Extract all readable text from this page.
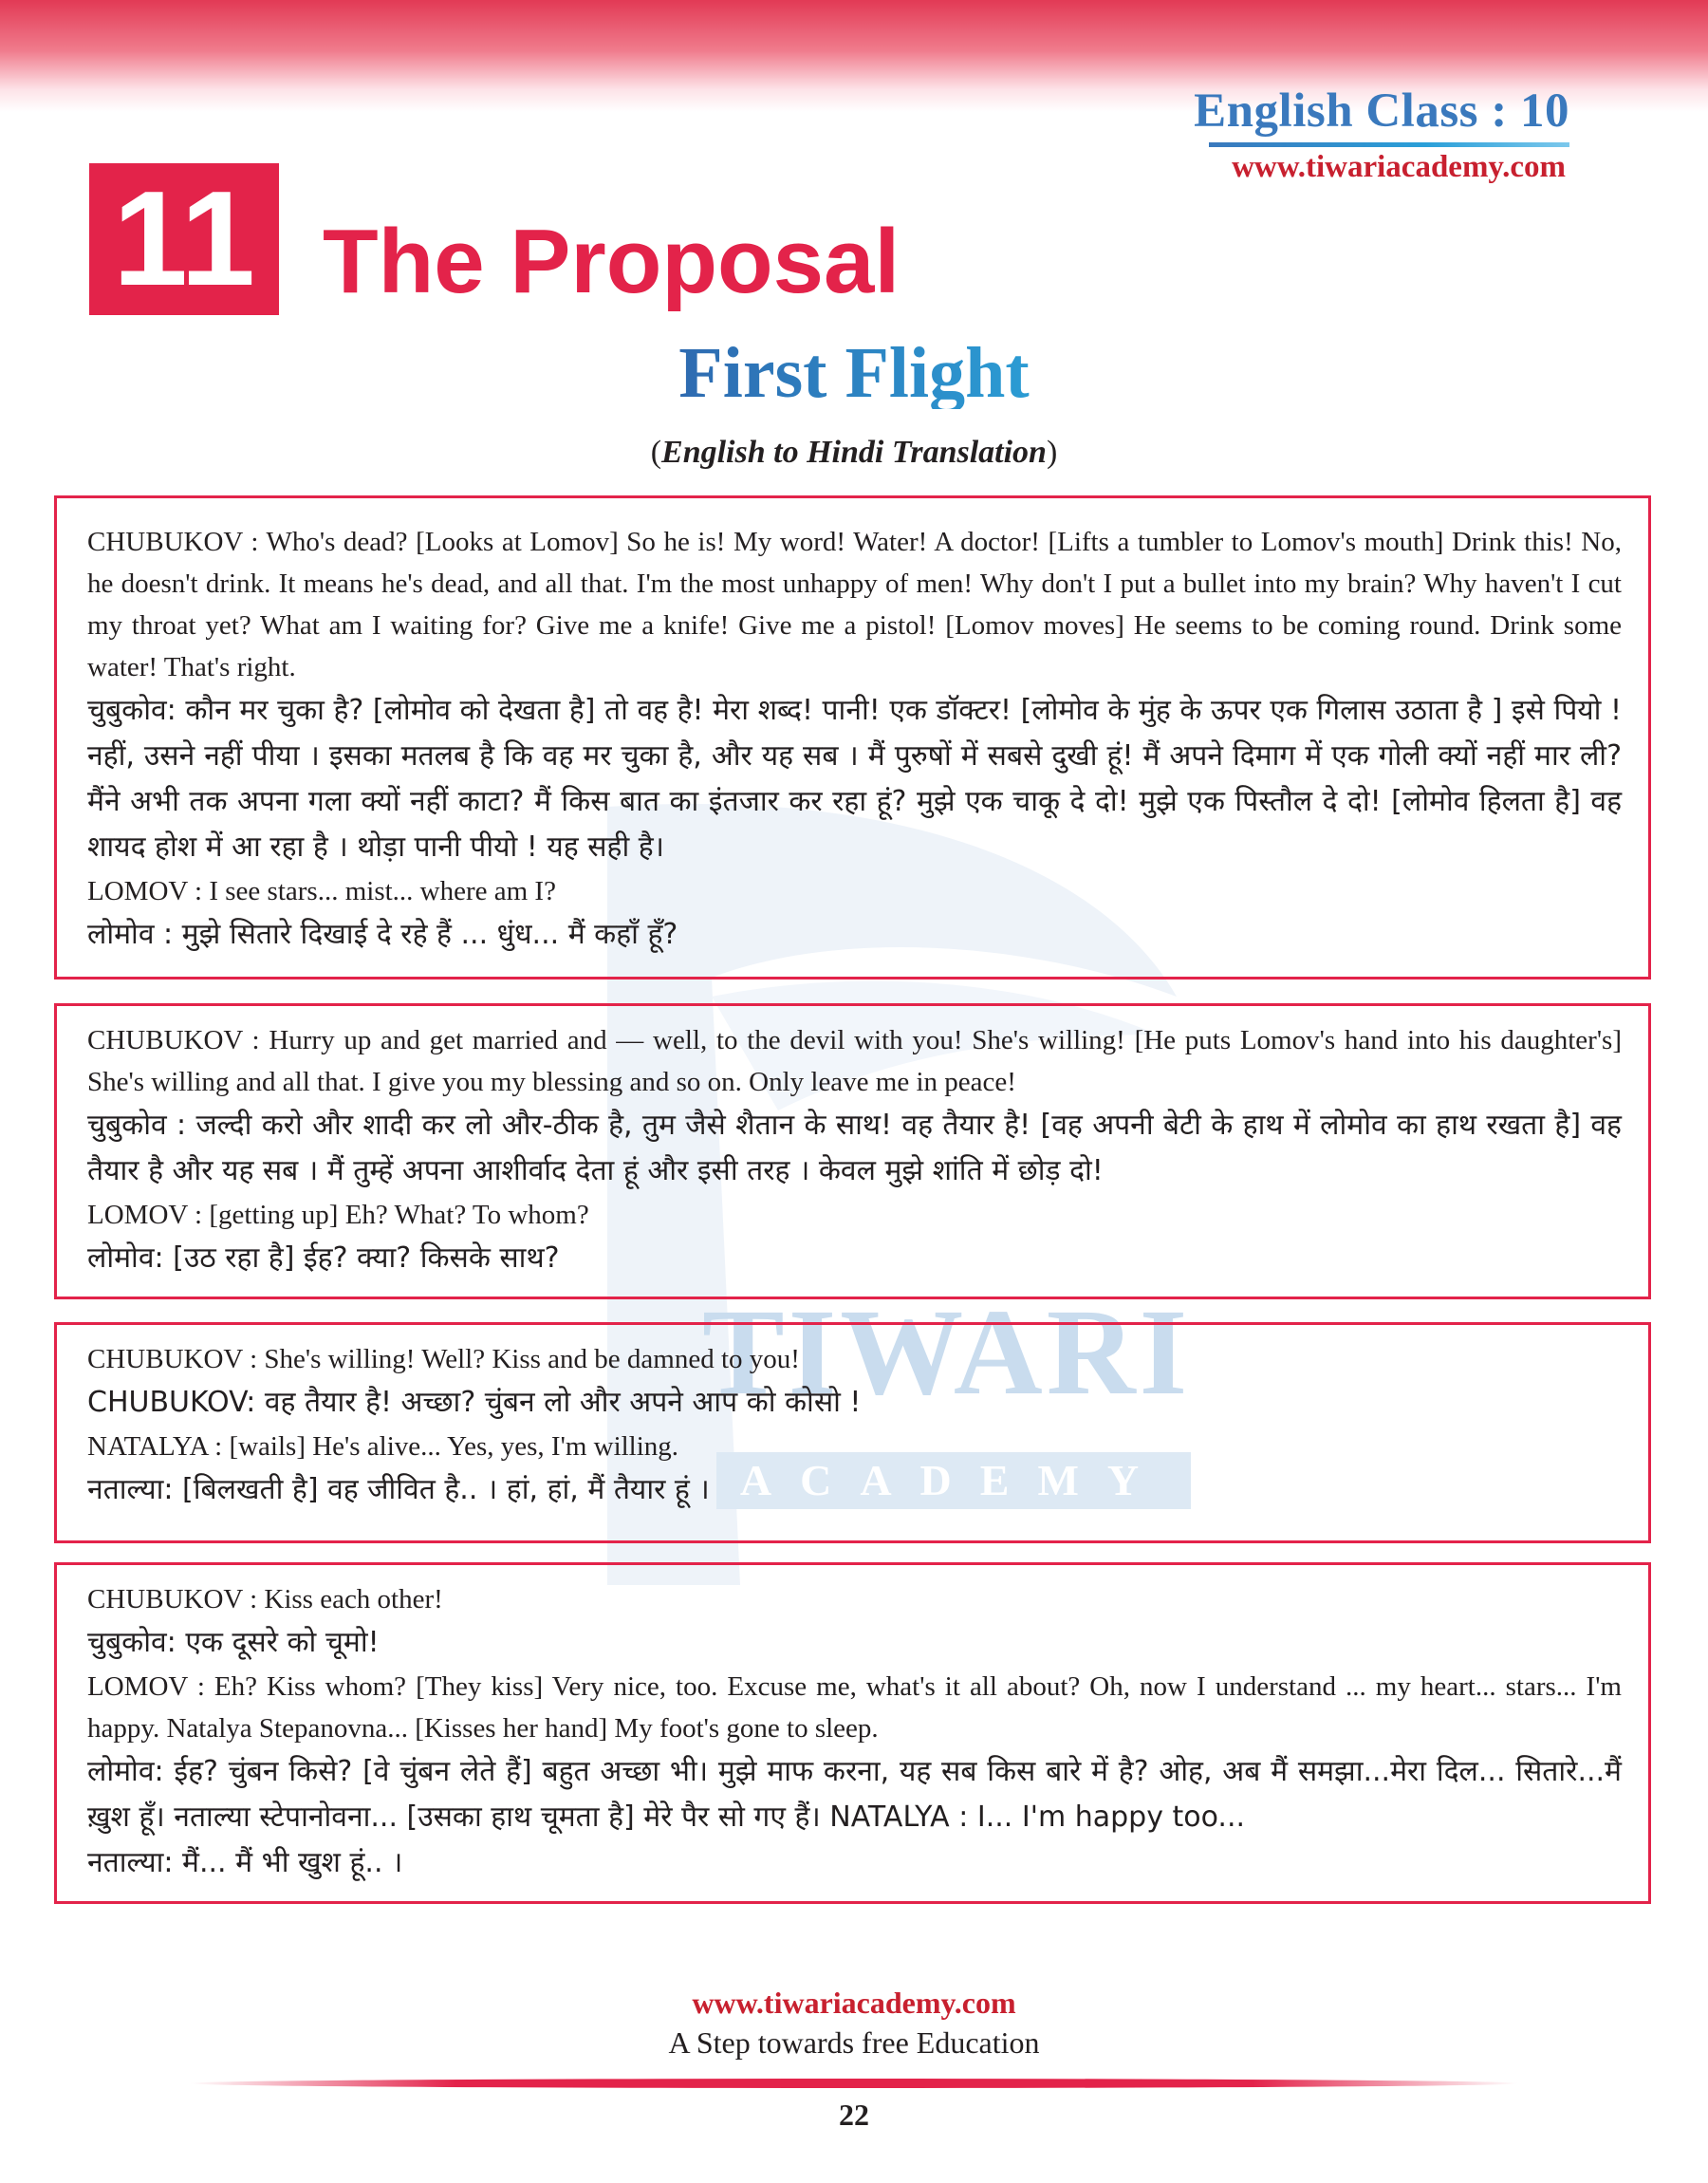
English Class : 10
www.tiwariacademy.com
11 The Proposal
First Flight
(English to Hindi Translation)
TIWARI
ACADEMY

CHUBUKOV : Who's dead? [Looks at Lomov] So he is! My word! Water! A doctor! [Lifts a tumbler to Lomov's mouth] Drink this! No, he doesn't drink. It means he's dead, and all that. I'm the most unhappy of men! Why don't I put a bullet into my brain? Why haven't I cut my throat yet? What am I waiting for? Give me a knife! Give me a pistol! [Lomov moves] He seems to be coming round. Drink some water! That's right.

चुबुकोव: कौन मर चुका है? [लोमोव को देखता है] तो वह है! मेरा शब्द! पानी! एक डॉक्टर! [लोमोव के मुंह के ऊपर एक गिलास उठाता है ] इसे पियो ! नहीं, उसने नहीं पीया । इसका मतलब है कि वह मर चुका है, और यह सब । मैं पुरुषों में सबसे दुखी हूं! मैं अपने दिमाग में एक गोली क्यों नहीं मार ली? मैंने अभी तक अपना गला क्यों नहीं काटा? मैं किस बात का इंतजार कर रहा हूं? मुझे एक चाकू दे दो! मुझे एक पिस्तौल दे दो! [लोमोव हिलता है] वह शायद होश में आ रहा है । थोड़ा पानी पीयो ! यह सही है।

LOMOV : I see stars... mist... where am I?

लोमोव : मुझे सितारे दिखाई दे रहे हैं ... धुंध... मैं कहाँ हूँ?

CHUBUKOV : Hurry up and get married and — well, to the devil with you! She's willing! [He puts Lomov's hand into his daughter's] She's willing and all that. I give you my blessing and so on. Only leave me in peace!

चुबुकोव : जल्दी करो और शादी कर लो और-ठीक है, तुम जैसे शैतान के साथ! वह तैयार है! [वह अपनी बेटी के हाथ में लोमोव का हाथ रखता है] वह तैयार है और यह सब । मैं तुम्हें अपना आशीर्वाद देता हूं और इसी तरह । केवल मुझे शांति में छोड़ दो!

LOMOV : [getting up] Eh? What? To whom?

लोमोव: [उठ रहा है] ईह? क्या? किसके साथ?

CHUBUKOV : She's willing! Well? Kiss and be damned to you!

CHUBUKOV: वह तैयार है! अच्छा? चुंबन लो और अपने आप को कोसो !

NATALYA : [wails] He's alive... Yes, yes, I'm willing.

नताल्या: [बिलखती है] वह जीवित है.. । हां, हां, मैं तैयार हूं ।

CHUBUKOV : Kiss each other!

चुबुकोव: एक दूसरे को चूमो!

LOMOV : Eh? Kiss whom? [They kiss] Very nice, too. Excuse me, what's it all about? Oh, now I understand ... my heart... stars... I'm happy. Natalya Stepanovna... [Kisses her hand] My foot's gone to sleep.

लोमोव: ईह? चुंबन किसे? [वे चुंबन लेते हैं] बहुत अच्छा भी। मुझे माफ करना, यह सब किस बारे में है? ओह, अब मैं समझा...मेरा दिल... सितारे...मैं ख़ुश हूँ। नताल्या स्टेपानोवना... [उसका हाथ चूमता है] मेरे पैर सो गए हैं। NATALYA : I... I'm happy too...

नताल्या: मैं... मैं भी खुश हूं.. ।

www.tiwariacademy.com
A Step towards free Education
22
